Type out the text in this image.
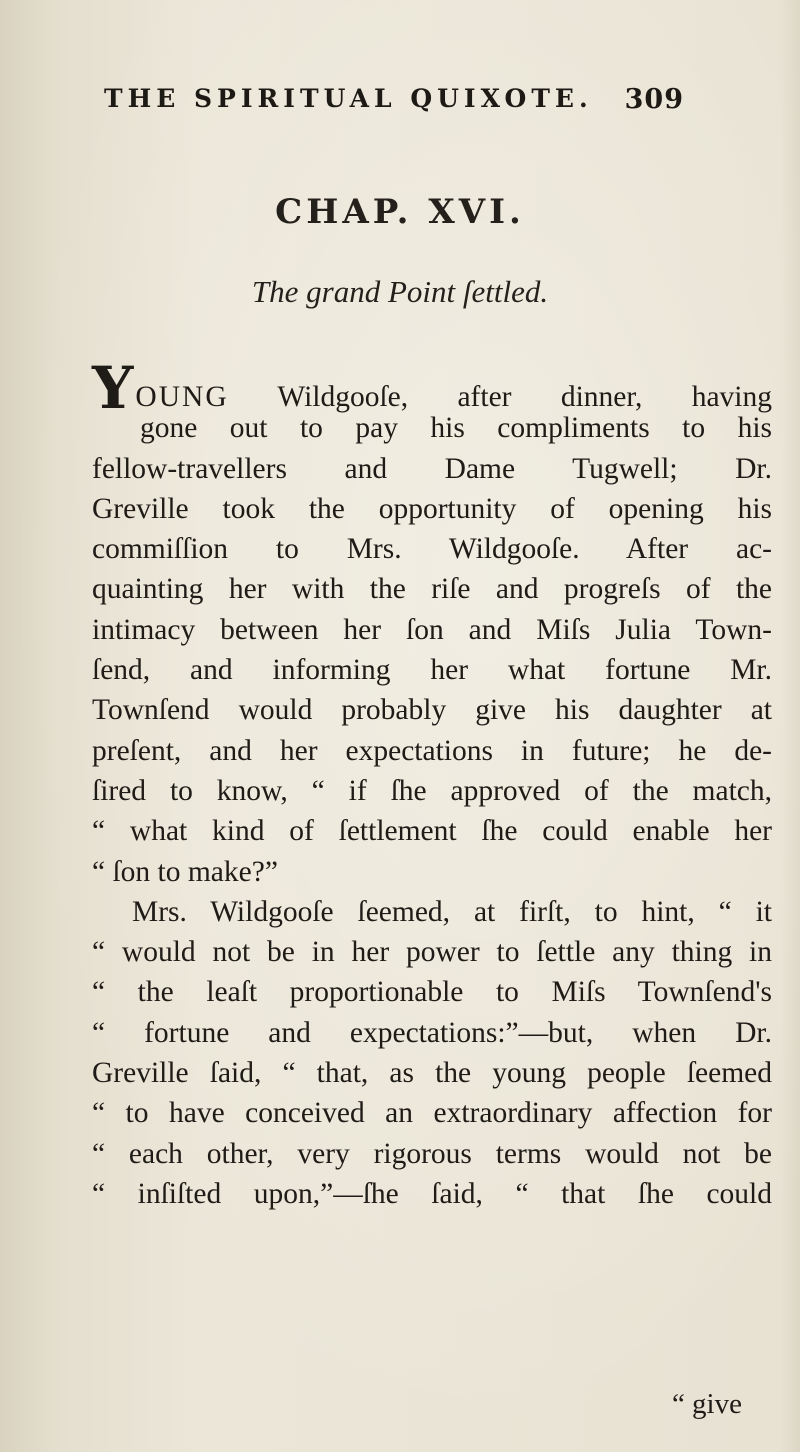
THE SPIRITUAL QUIXOTE. 309
CHAP. XVI.
The grand Point ſettled.
YOUNG Wildgooſe, after dinner, having
gone out to pay his compliments to his
fellow-travellers and Dame Tugwell; Dr.
Greville took the opportunity of opening his
commiſſion to Mrs. Wildgooſe. After ac-
quainting her with the riſe and progreſs of the
intimacy between her ſon and Miſs Julia Town-
ſend, and informing her what fortune Mr.
Townſend would probably give his daughter at
preſent, and her expectations in future; he de-
ſired to know, “ if ſhe approved of the match,
“ what kind of ſettlement ſhe could enable her
“ ſon to make?”
Mrs. Wildgooſe ſeemed, at firſt, to hint, “ it
“ would not be in her power to ſettle any thing in
“ the leaſt proportionable to Miſs Townſend's
“ fortune and expectations:”—but, when Dr.
Greville ſaid, “ that, as the young people ſeemed
“ to have conceived an extraordinary affection for
“ each other, very rigorous terms would not be
“ inſiſted upon,”—ſhe ſaid, “ that ſhe could
“ give
